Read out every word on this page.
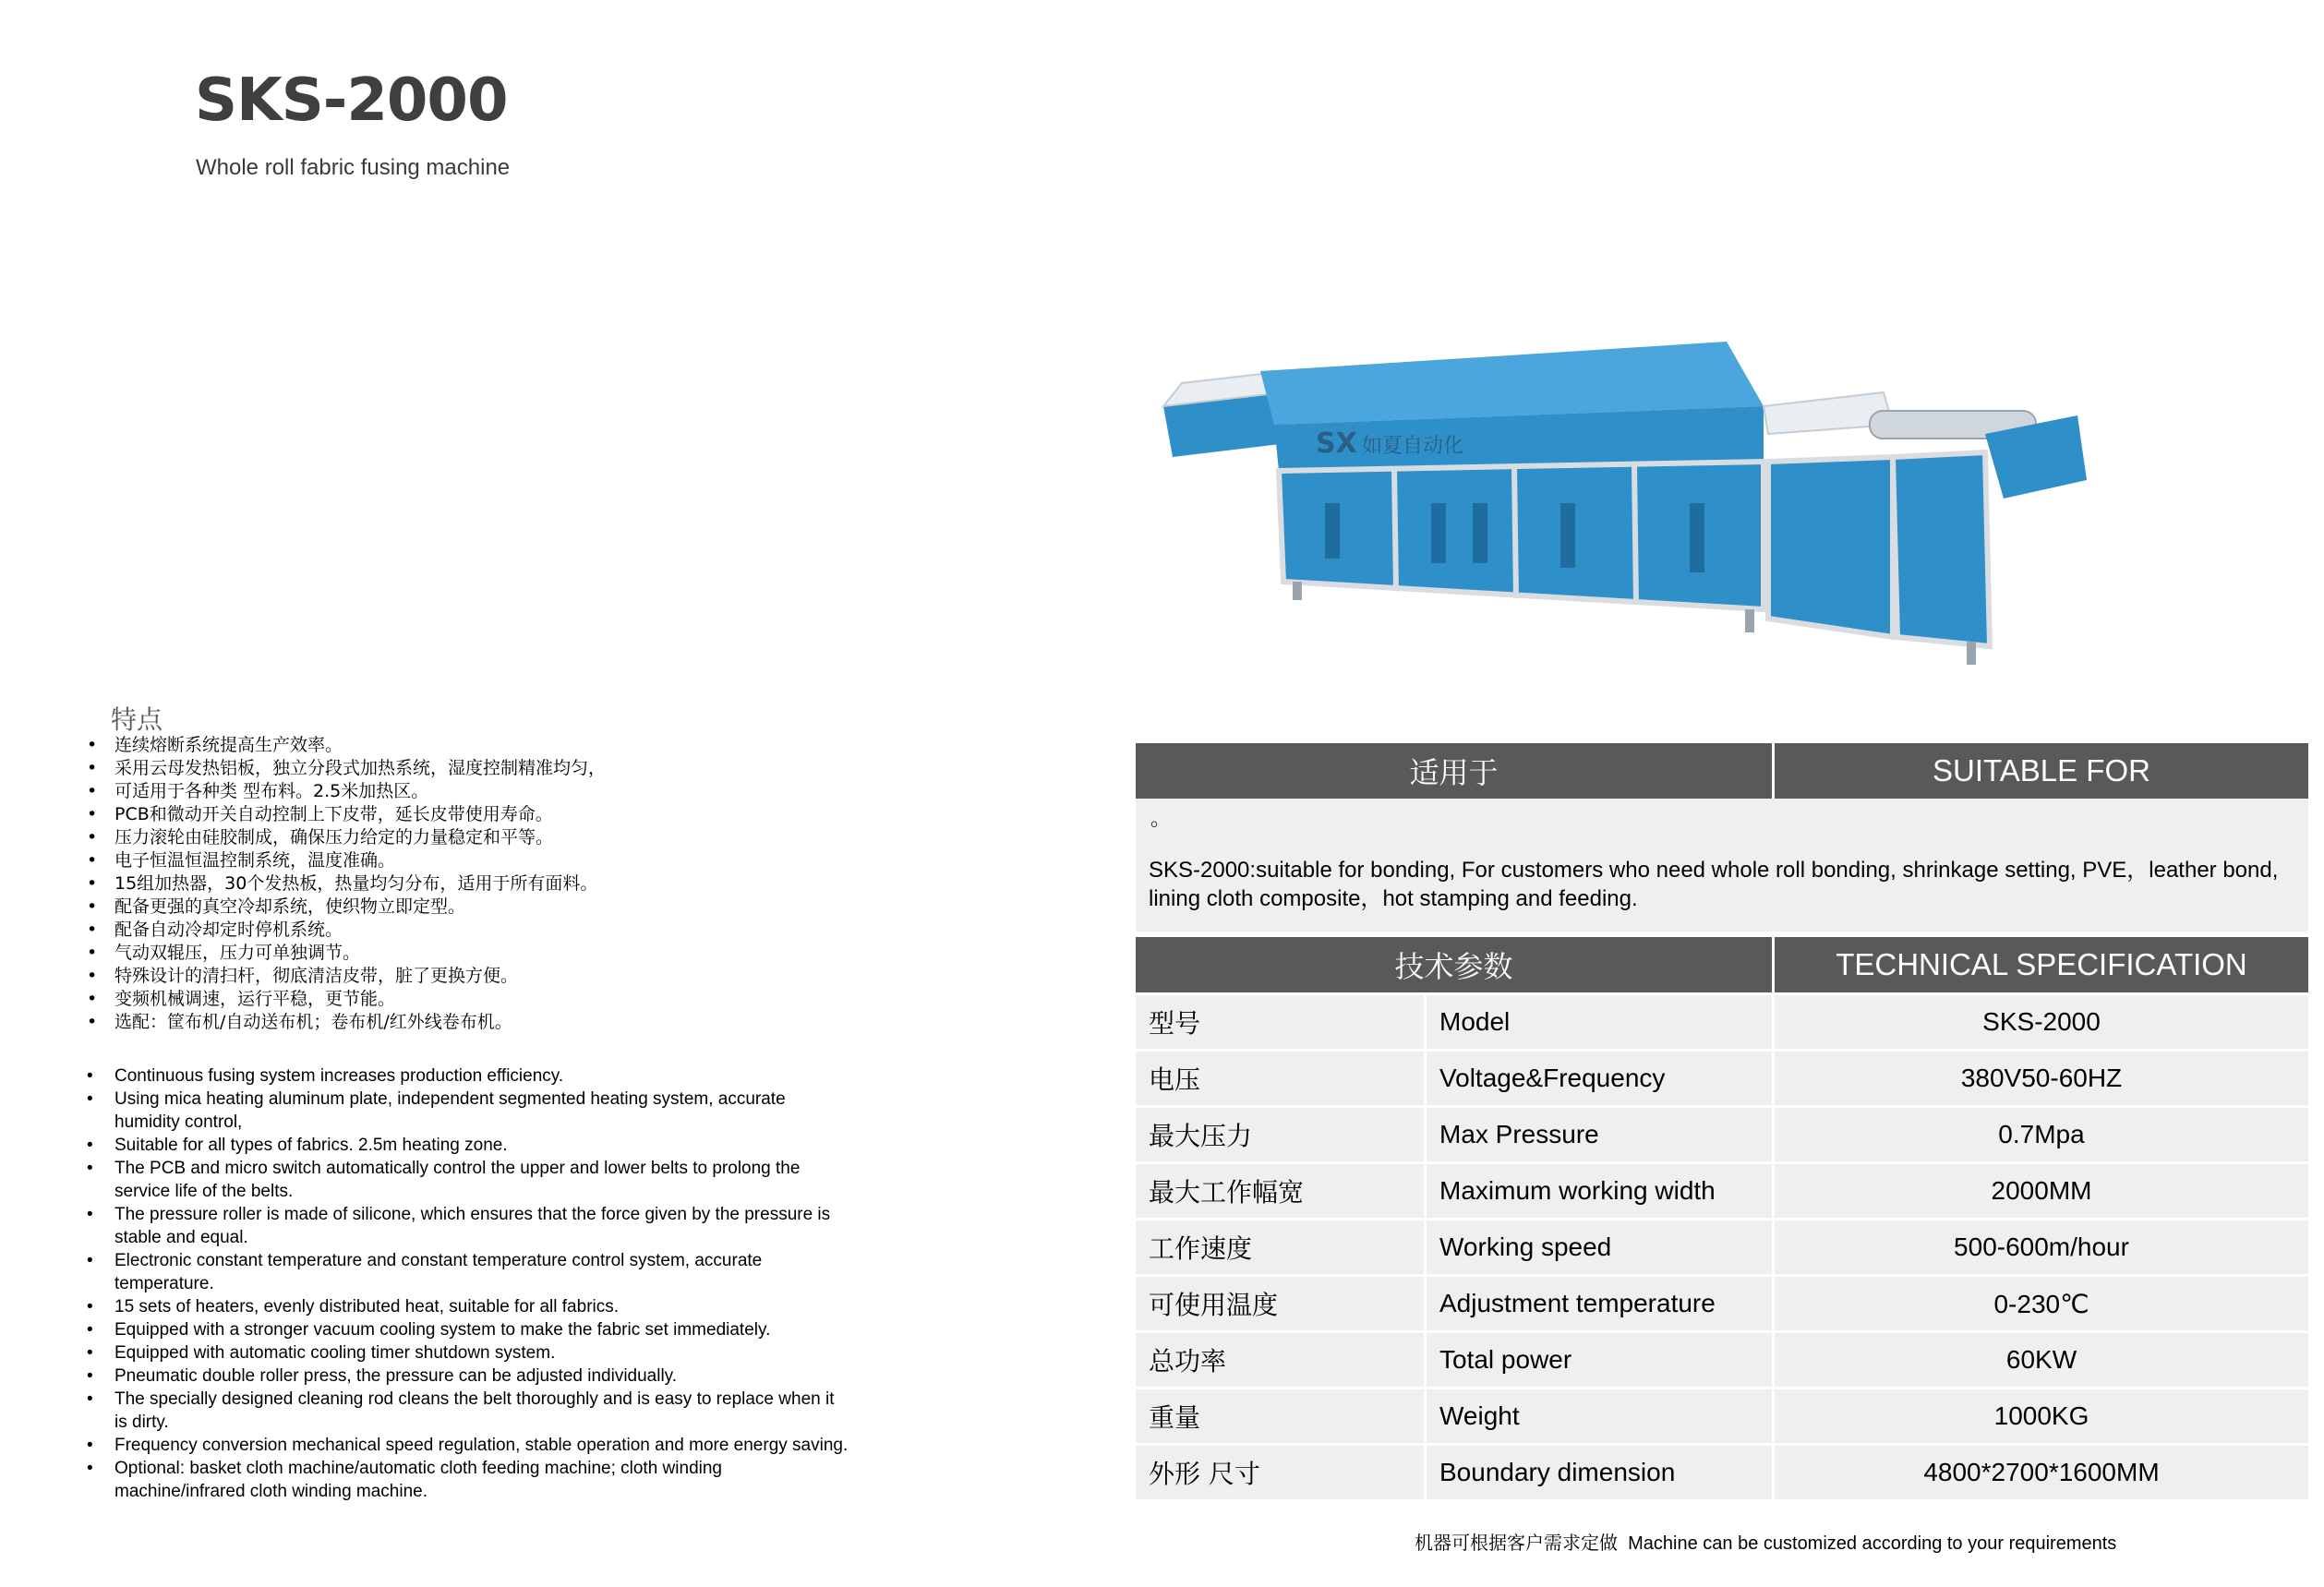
SKS-2000
Whole roll fabric fusing machine
SX 如夏自动化
特点
• 连续熔断系统提高生产效率。
• 采用云母发热铝板，独立分段式加热系统，湿度控制精准均匀，
• 可适用于各种类 型布料。2.5米加热区。
• PCB和微动开关自动控制上下皮带，延长皮带使用寿命。
• 压力滚轮由硅胶制成，确保压力给定的力量稳定和平等。
• 电子恒温恒温控制系统，温度准确。
• 15组加热器，30个发热板，热量均匀分布，适用于所有面料。
• 配备更强的真空冷却系统，使织物立即定型。
• 配备自动冷却定时停机系统。
• 气动双辊压，压力可单独调节。
• 特殊设计的清扫杆，彻底清洁皮带，脏了更换方便。
• 变频机械调速，运行平稳，更节能。
• 选配：筐布机/自动送布机；卷布机/红外线卷布机。
• Continuous fusing system increases production efficiency.
• Using mica heating aluminum plate, independent segmented heating system, accurate humidity control,
• Suitable for all types of fabrics. 2.5m heating zone.
• The PCB and micro switch automatically control the upper and lower belts to prolong the service life of the belts.
• The pressure roller is made of silicone, which ensures that the force given by the pressure is stable and equal.
• Electronic constant temperature and constant temperature control system, accurate temperature.
• 15 sets of heaters, evenly distributed heat, suitable for all fabrics.
• Equipped with a stronger vacuum cooling system to make the fabric set immediately.
• Equipped with automatic cooling timer shutdown system.
• Pneumatic double roller press, the pressure can be adjusted individually.
• The specially designed cleaning rod cleans the belt thoroughly and is easy to replace when it is dirty.
• Frequency conversion mechanical speed regulation, stable operation and more energy saving.
• Optional: basket cloth machine/automatic cloth feeding machine; cloth winding machine/infrared cloth winding machine.
适用于	SUITABLE FOR
。
SKS-2000:suitable for bonding, For customers who need whole roll bonding, shrinkage setting, PVE，leather bond, lining cloth composite，hot stamping and feeding.
技术参数	TECHNICAL SPECIFICATION
型号	Model	SKS-2000
电压	Voltage&Frequency	380V50-60HZ
最大压力	Max Pressure	0.7Mpa
最大工作幅宽	Maximum working width	2000MM
工作速度	Working speed	500-600m/hour
可使用温度	Adjustment temperature	0-230℃
总功率	Total power	60KW
重量	Weight	1000KG
外形 尺寸	Boundary dimension	4800*2700*1600MM
机器可根据客户需求定做 Machine can be customized according to your requirements
